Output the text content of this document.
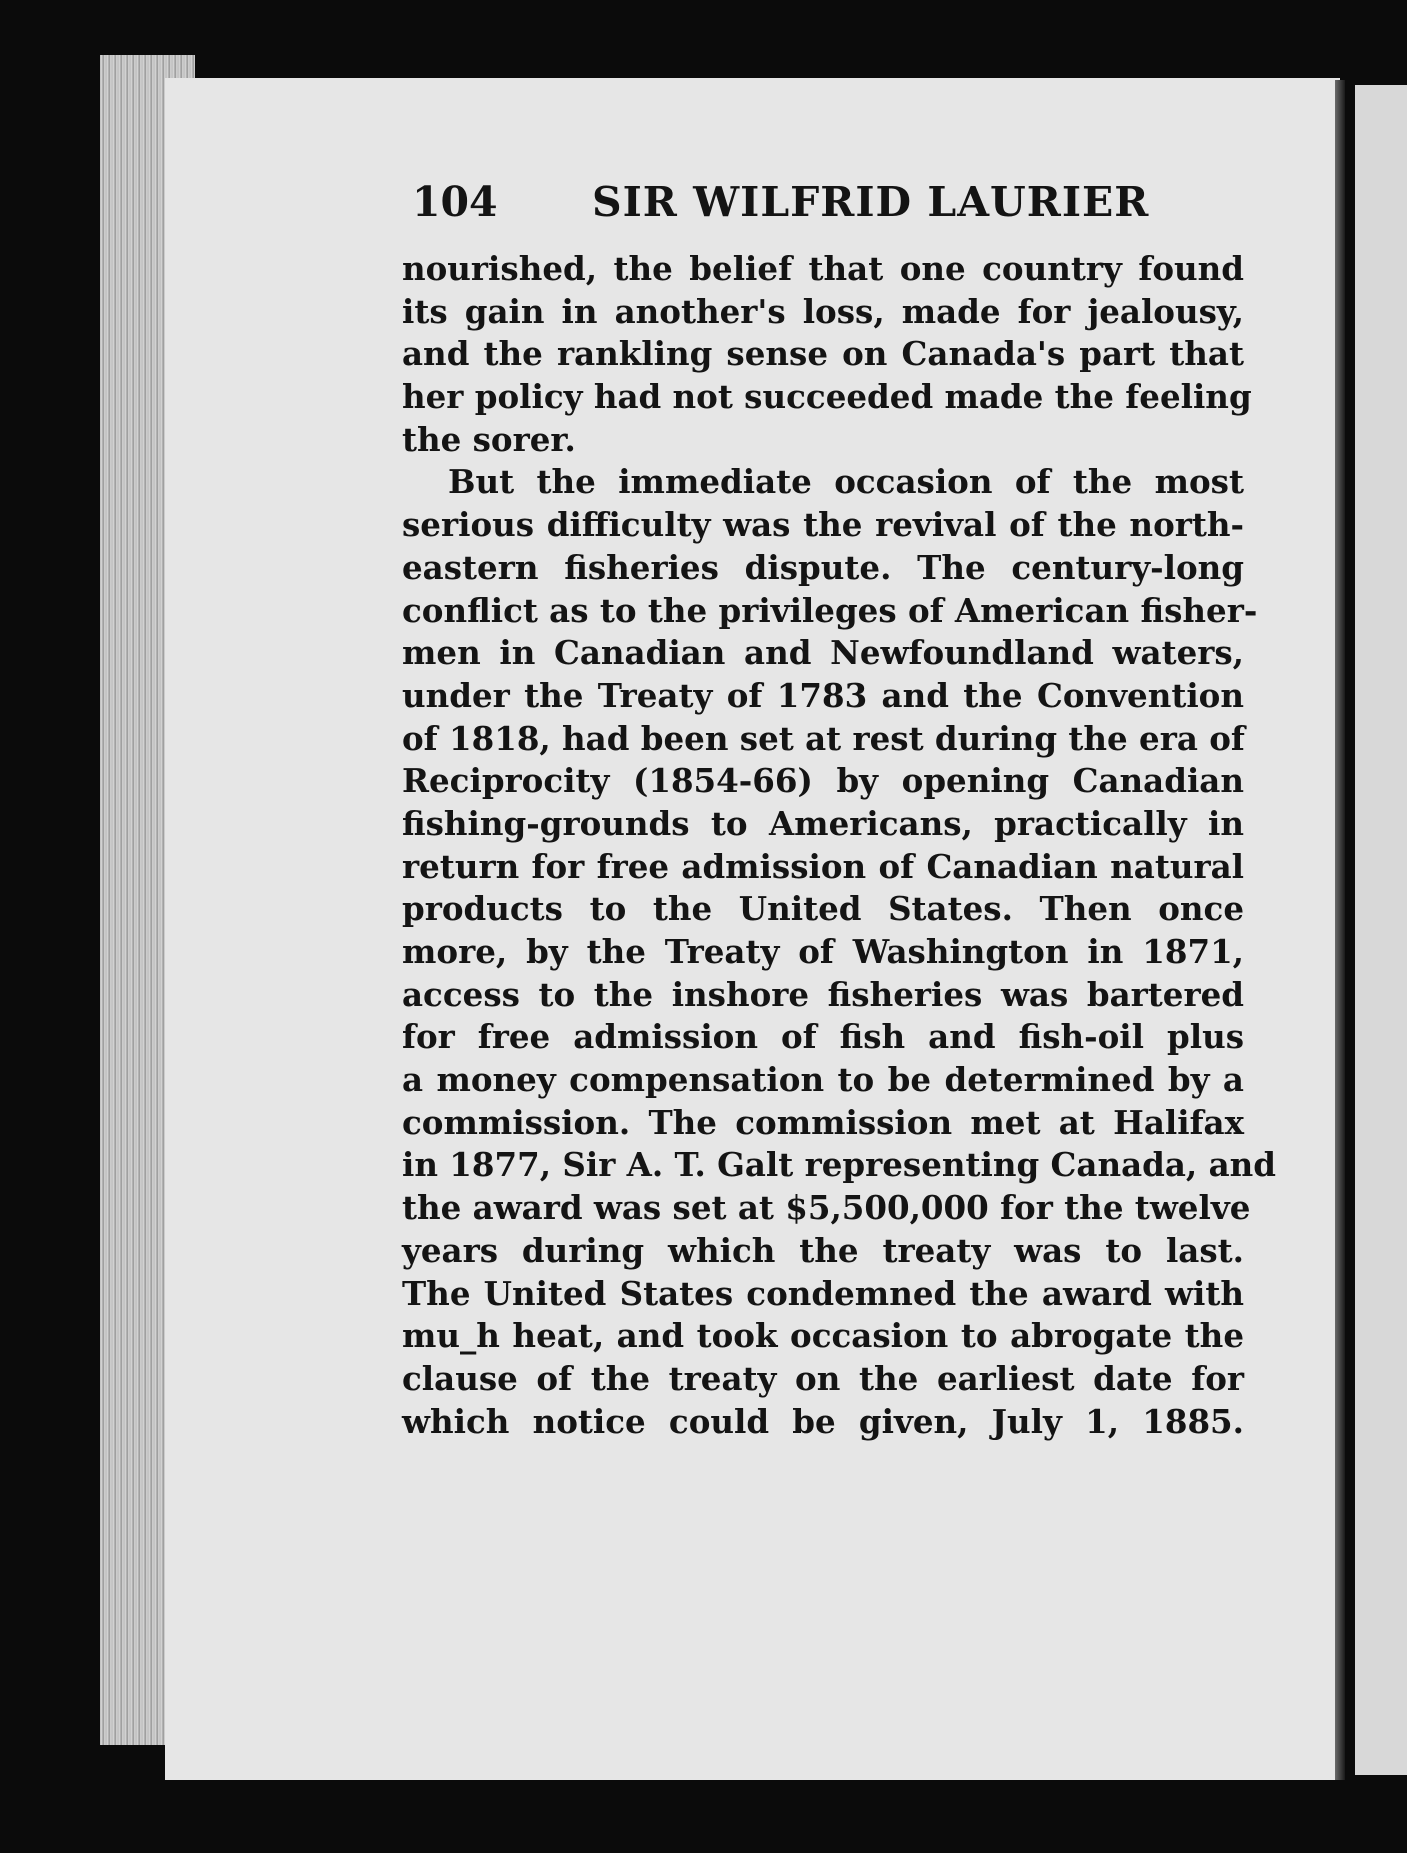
104 SIR WILFRID LAURIER
nourished, the belief that one country found
its gain in another's loss, made for jealousy,
and the rankling sense on Canada's part that
her policy had not succeeded made the feeling
the sorer.
But the immediate occasion of the most
serious difficulty was the revival of the north-
eastern fisheries dispute. The century-long
conflict as to the privileges of American fisher-
men in Canadian and Newfoundland waters,
under the Treaty of 1783 and the Convention
of 1818, had been set at rest during the era of
Reciprocity (1854-66) by opening Canadian
fishing-grounds to Americans, practically in
return for free admission of Canadian natural
products to the United States. Then once
more, by the Treaty of Washington in 1871,
access to the inshore fisheries was bartered
for free admission of fish and fish-oil plus
a money compensation to be determined by a
commission. The commission met at Halifax
in 1877, Sir A. T. Galt representing Canada, and
the award was set at $5,500,000 for the twelve
years during which the treaty was to last.
The United States condemned the award with
mu_h heat, and took occasion to abrogate the
clause of the treaty on the earliest date for
which notice could be given, July 1, 1885.
